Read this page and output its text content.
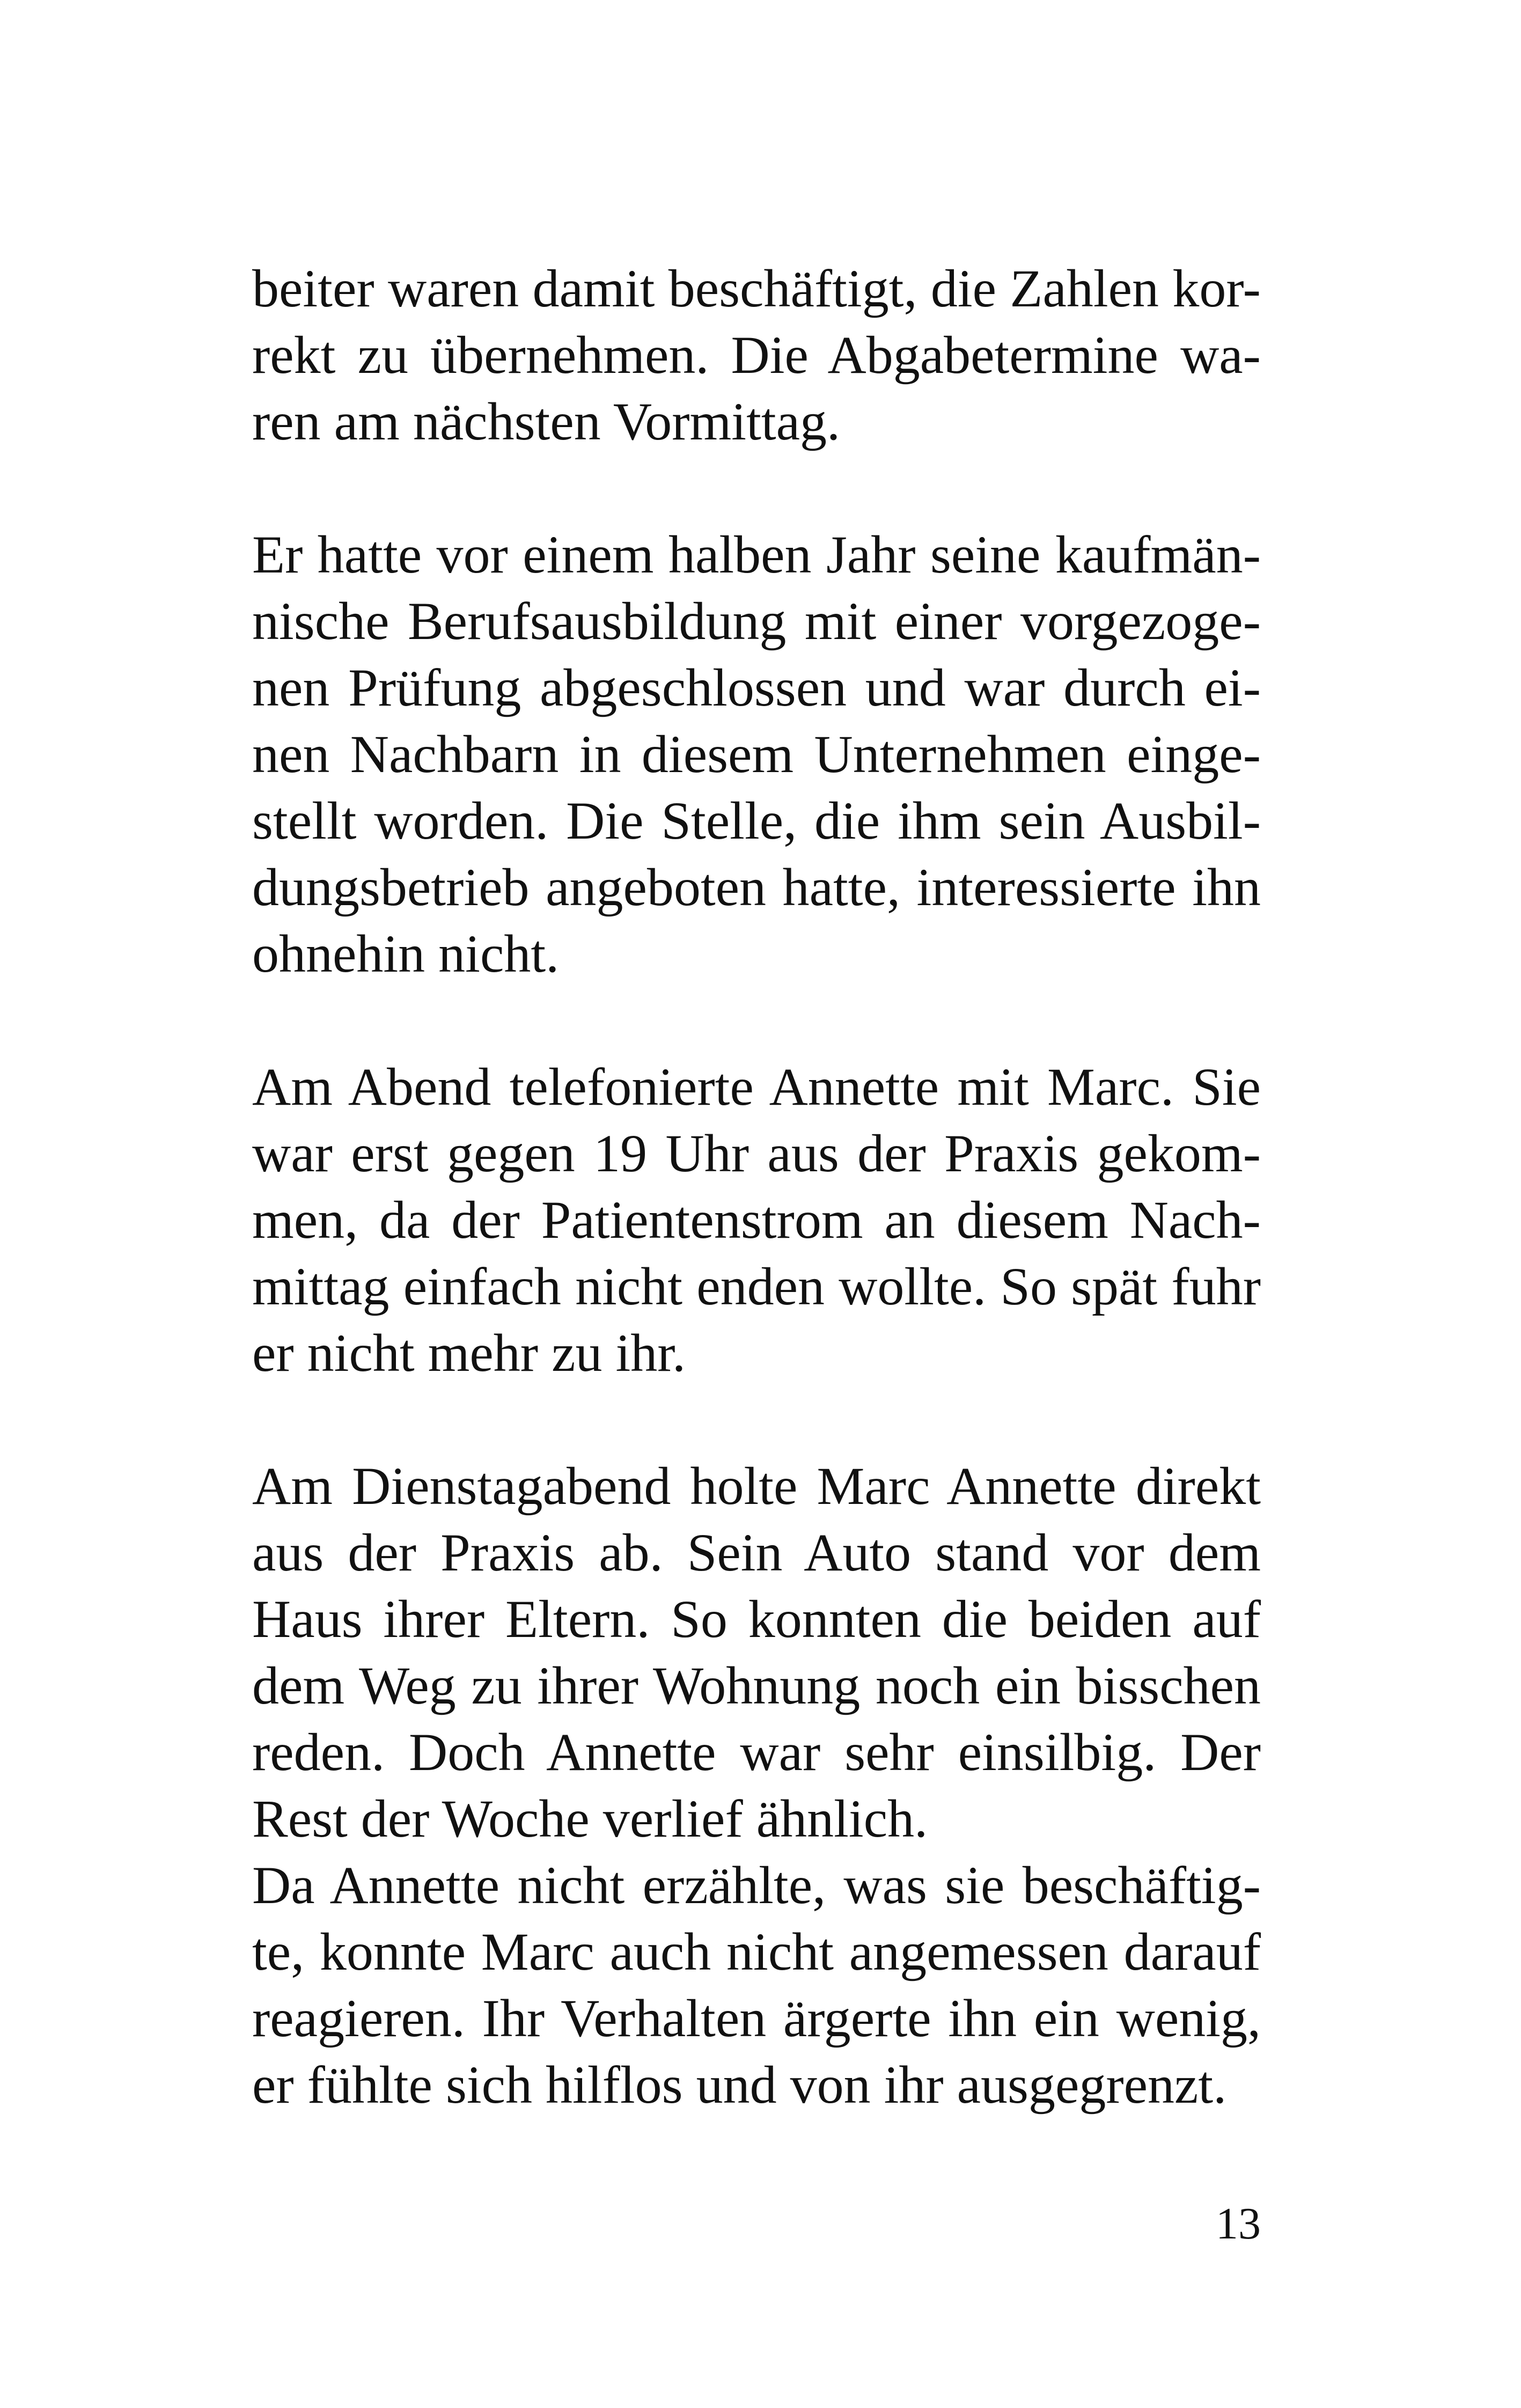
beiter waren damit beschäftigt, die Zahlen kor-
rekt zu übernehmen. Die Abgabetermine wa-
ren am nächsten Vormittag.

Er hatte vor einem halben Jahr seine kaufmän-
nische Berufsausbildung mit einer vorgezoge-
nen Prüfung abgeschlossen und war durch ei-
nen Nachbarn in diesem Unternehmen einge-
stellt worden. Die Stelle, die ihm sein Ausbil-
dungsbetrieb angeboten hatte, interessierte ihn
ohnehin nicht.

Am Abend telefonierte Annette mit Marc. Sie
war erst gegen 19 Uhr aus der Praxis gekom-
men, da der Patientenstrom an diesem Nach-
mittag einfach nicht enden wollte. So spät fuhr
er nicht mehr zu ihr.

Am Dienstagabend holte Marc Annette direkt
aus der Praxis ab. Sein Auto stand vor dem
Haus ihrer Eltern. So konnten die beiden auf
dem Weg zu ihrer Wohnung noch ein bisschen
reden. Doch Annette war sehr einsilbig. Der
Rest der Woche verlief ähnlich.

Da Annette nicht erzählte, was sie beschäftig-
te, konnte Marc auch nicht angemessen darauf
reagieren. Ihr Verhalten ärgerte ihn ein wenig,
er fühlte sich hilflos und von ihr ausgegrenzt.

13
